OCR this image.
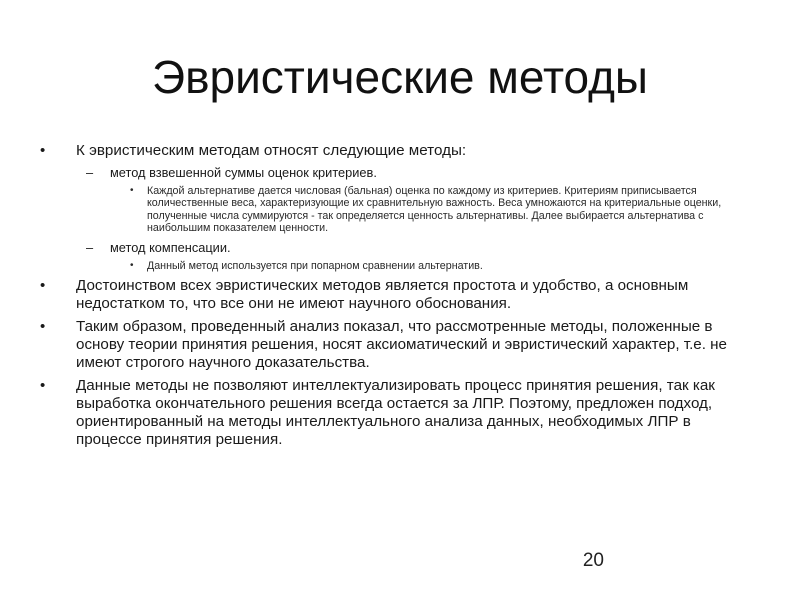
Эвристические методы
•	К эвристическим методам относят следующие методы:
– метод взвешенной суммы оценок критериев.
• Каждой альтернативе дается числовая (бальная) оценка по каждому из критериев. Критериям приписывается количественные веса, характеризующие их сравнительную важность. Веса умножаются на критериальные оценки, полученные числа суммируются - так определяется ценность альтернативы. Далее выбирается альтернатива с наибольшим показателем ценности.
– метод компенсации.
• Данный метод используется при попарном сравнении альтернатив.
•	Достоинством всех эвристических методов является простота и удобство, а основным недостатком то, что все они не имеют научного обоснования.
•	Таким образом, проведенный анализ показал, что рассмотренные методы, положенные в основу теории принятия решения, носят аксиоматический и эвристический характер, т.е. не имеют строгого научного доказательства.
•	Данные методы не позволяют интеллектуализировать процесс принятия решения, так как выработка окончательного решения всегда остается за ЛПР. Поэтому, предложен подход, ориентированный на методы интеллектуального анализа данных, необходимых ЛПР в процессе принятия решения.
20
